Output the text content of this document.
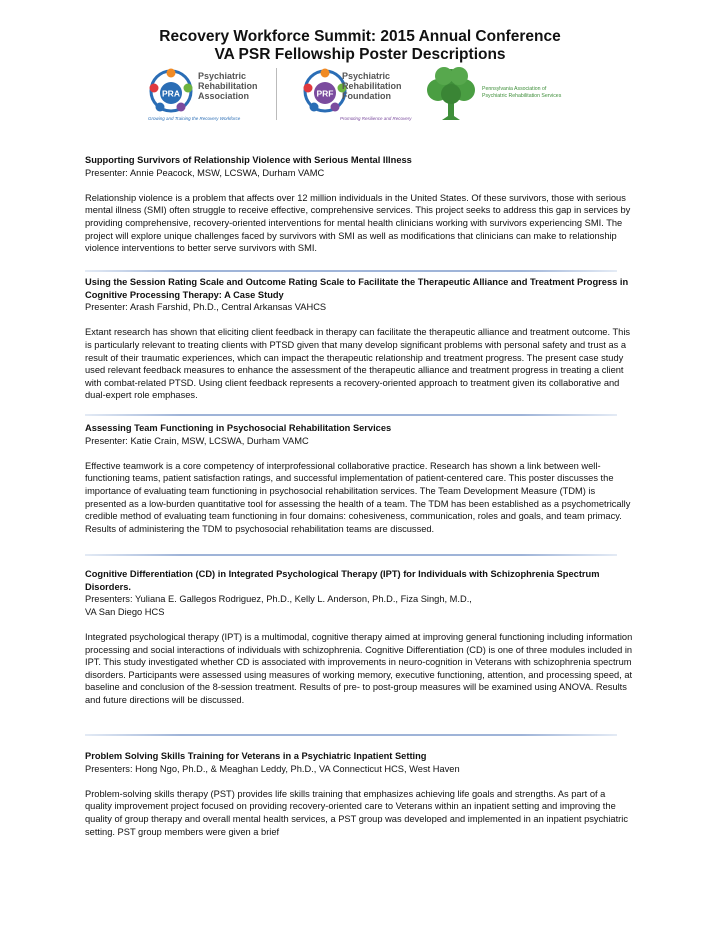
Recovery Workforce Summit: 2015 Annual Conference
VA PSR Fellowship Poster Descriptions
PRA
Psychiatric
Rehabilitation
Association
Growing and Training the Recovery Workforce
PRF
Psychiatric
Rehabilitation
Foundation
Promoting Resilience and Recovery
Pennsylvania Association of
Psychiatric Rehabilitation Services
Supporting Survivors of Relationship Violence with Serious Mental Illness
Presenter: Annie Peacock, MSW, LCSWA, Durham VAMC
Relationship violence is a problem that affects over 12 million individuals in the United States. Of these survivors, those with serious mental illness (SMI) often struggle to receive effective, comprehensive services. This project seeks to address this gap in services by providing comprehensive, recovery-oriented interventions for mental health clinicians working with survivors experiencing SMI. The project will explore unique challenges faced by survivors with SMI as well as modifications that clinicians can make to relationship violence interventions to better serve survivors with SMI.
Using the Session Rating Scale and Outcome Rating Scale to Facilitate the Therapeutic Alliance and Treatment Progress in Cognitive Processing Therapy: A Case Study
Presenter: Arash Farshid, Ph.D., Central Arkansas VAHCS
Extant research has shown that eliciting client feedback in therapy can facilitate the therapeutic alliance and treatment outcome. This is particularly relevant to treating clients with PTSD given that many develop significant problems with personal safety and trust as a result of their traumatic experiences, which can impact the therapeutic relationship and treatment progress. The present case study used relevant feedback measures to enhance the assessment of the therapeutic alliance and treatment progress in treating a client with combat-related PTSD. Using client feedback represents a recovery-oriented approach to treatment given its collaborative and dual-expert role emphases.
Assessing Team Functioning in Psychosocial Rehabilitation Services
Presenter: Katie Crain, MSW, LCSWA, Durham VAMC
Effective teamwork is a core competency of interprofessional collaborative practice. Research has shown a link between well-functioning teams, patient satisfaction ratings, and successful implementation of patient-centered care. This poster discusses the importance of evaluating team functioning in psychosocial rehabilitation services. The Team Development Measure (TDM) is presented as a low-burden quantitative tool for assessing the health of a team. The TDM has been established as a psychometrically credible method of evaluating team functioning in four domains: cohesiveness, communication, roles and goals, and team primacy. Results of administering the TDM to psychosocial rehabilitation teams are discussed.
Cognitive Differentiation (CD) in Integrated Psychological Therapy (IPT) for Individuals with Schizophrenia Spectrum Disorders.
Presenters: Yuliana E. Gallegos Rodriguez, Ph.D., Kelly L. Anderson, Ph.D., Fiza Singh, M.D.,
VA San Diego HCS
Integrated psychological therapy (IPT) is a multimodal, cognitive therapy aimed at improving general functioning including information processing and social interactions of individuals with schizophrenia. Cognitive Differentiation (CD) is one of three modules included in IPT. This study investigated whether CD is associated with improvements in neuro-cognition in Veterans with schizophrenia spectrum disorders. Participants were assessed using measures of working memory, executive functioning, attention, and processing speed, at baseline and conclusion of the 8-session treatment. Results of pre- to post-group measures will be examined using ANOVA. Results and future directions will be discussed.
Problem Solving Skills Training for Veterans in a Psychiatric Inpatient Setting
Presenters: Hong Ngo, Ph.D., & Meaghan Leddy, Ph.D., VA Connecticut HCS, West Haven
Problem-solving skills therapy (PST) provides life skills training that emphasizes achieving life goals and strengths. As part of a quality improvement project focused on providing recovery-oriented care to Veterans within an inpatient setting and improving the quality of group therapy and overall mental health services, a PST group was developed and implemented in an inpatient psychiatric setting. PST group members were given a brief
